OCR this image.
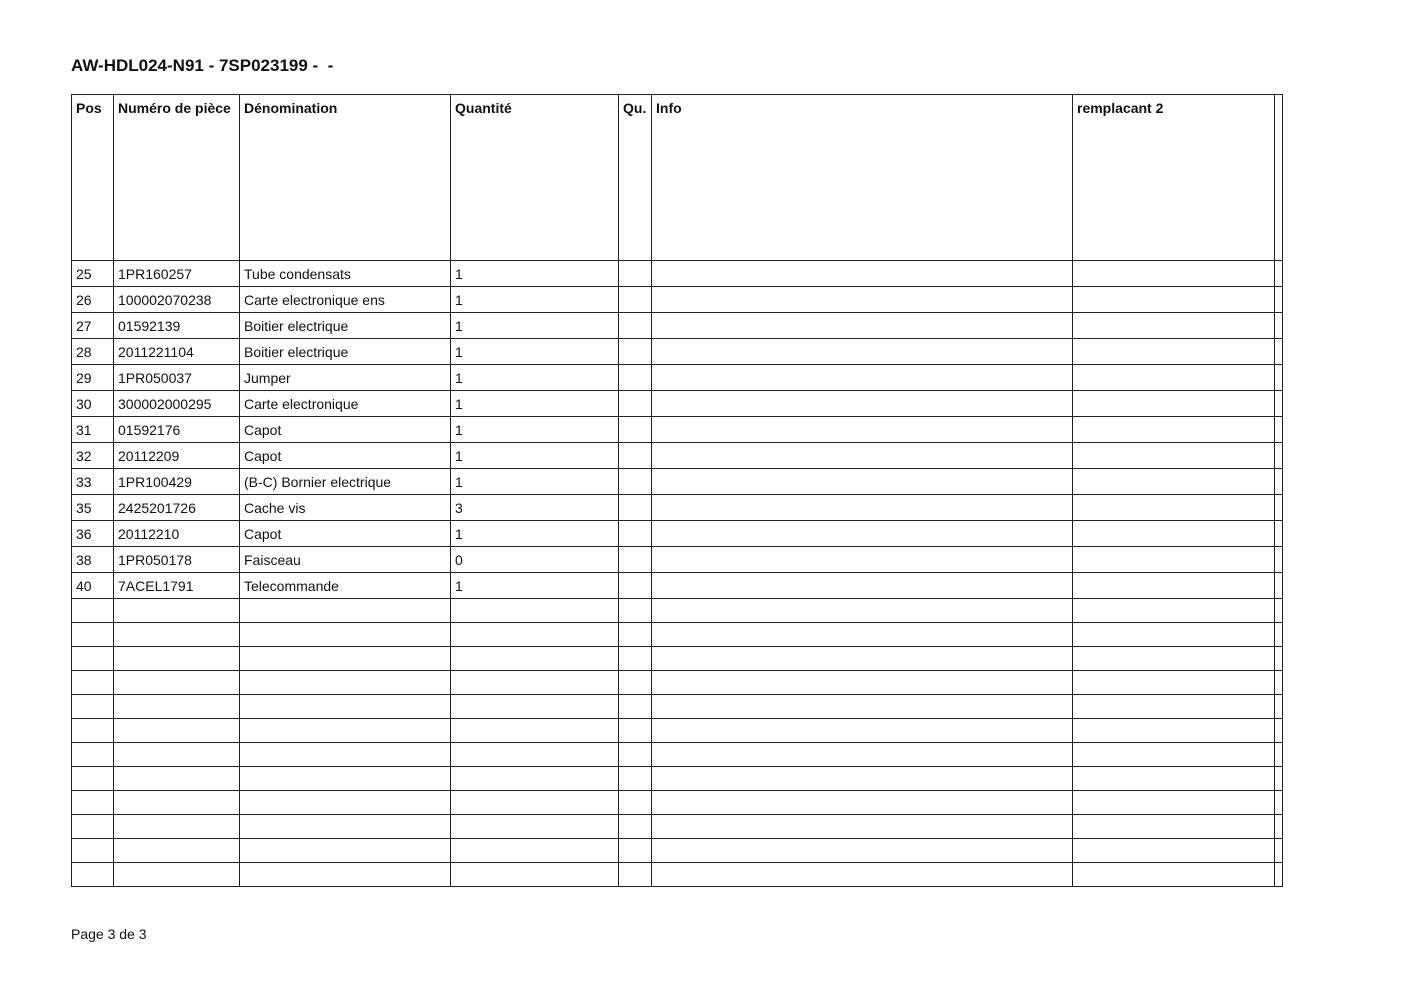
AW-HDL024-N91 - 7SP023199 -  -
Pos	Numéro de pièce	Dénomination	Quantité	Qu.	Info	remplacant 2	
25	1PR160257	Tube condensats	1				
26	100002070238	Carte electronique ens	1				
27	01592139	Boitier electrique	1				
28	2011221104	Boitier electrique	1				
29	1PR050037	Jumper	1				
30	300002000295	Carte electronique	1				
31	01592176	Capot	1				
32	20112209	Capot	1				
33	1PR100429	(B-C) Bornier electrique	1				
35	2425201726	Cache vis	3				
36	20112210	Capot	1				
38	1PR050178	Faisceau	0				
40	7ACEL1791	Telecommande	1				

Page 3 de 3
